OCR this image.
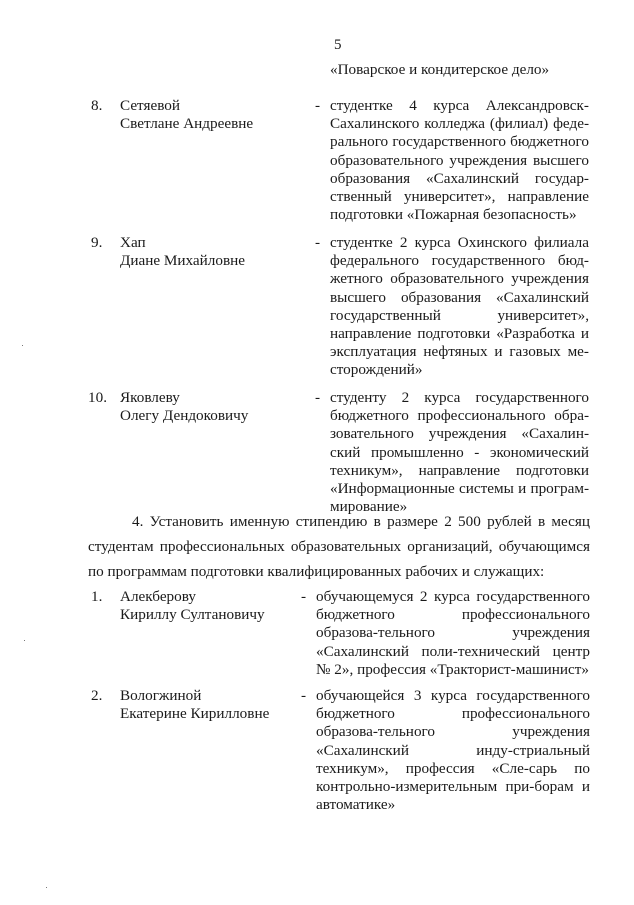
5
«Поварское и кондитерское дело»
8. Сетяевой
Светлане Андреевне
- студентке 4 курса Александровск-Сахалинского колледжа (филиал) феде-рального государственного бюджетного образовательного учреждения высшего образования «Сахалинский государ-ственный университет», направление подготовки «Пожарная безопасность»
9. Хап
Диане Михайловне
- студентке 2 курса Охинского филиала федерального государственного бюд-жетного образовательного учреждения высшего образования «Сахалинский государственный университет», направление подготовки «Разработка и эксплуатация нефтяных и газовых ме-сторождений»
10. Яковлеву
Олегу Дендоковичу
- студенту 2 курса государственного бюджетного профессионального обра-зовательного учреждения «Сахалин-ский промышленно - экономический техникум», направление подготовки «Информационные системы и програм-мирование»
4. Установить именную стипендию в размере 2 500 рублей в месяц
студентам профессиональных образовательных организаций, обучающимся
по программам подготовки квалифицированных рабочих и служащих:
1. Алекберову
Кириллу Султановичу
- обучающемуся 2 курса государственного бюджетного профессионального образова-тельного учреждения «Сахалинский поли-технический центр № 2», профессия «Тракторист-машинист»
2. Вологжиной
Екатерине Кирилловне
- обучающейся 3 курса государственного бюджетного профессионального образова-тельного учреждения «Сахалинский инду-стриальный техникум», профессия «Сле-сарь по контрольно-измерительным при-борам и автоматике»
